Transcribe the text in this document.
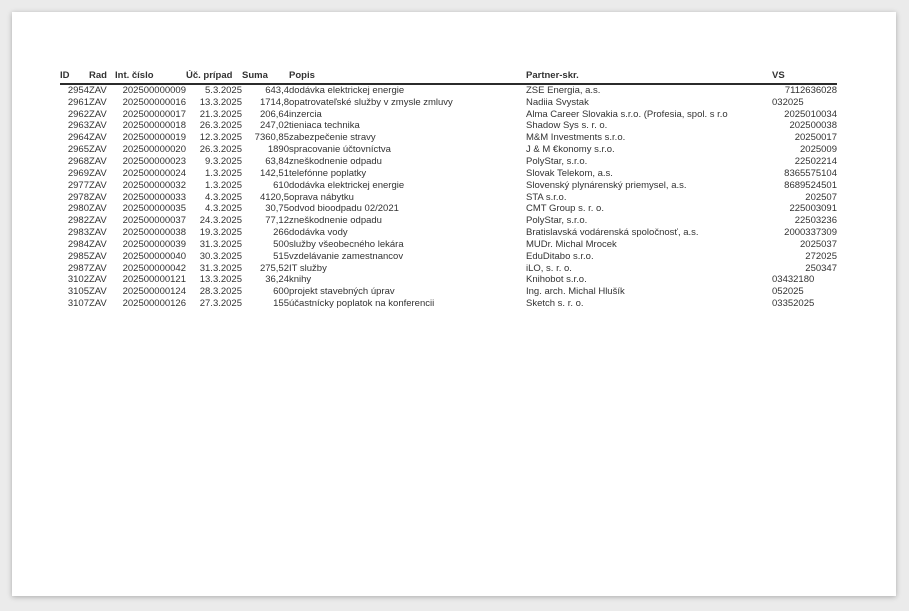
ID	Rad	Int. číslo	Úč. prípad	Suma	Popis	Partner-skr.	VS
2954	ZAV	202500000009	5.3.2025	643,4	dodávka elektrickej energie	ZSE Energia, a.s.	7112636028
2961	ZAV	202500000016	13.3.2025	1714,8	opatrovateľské služby v zmysle zmluvy	Nadiia Svystak	032025
2962	ZAV	202500000017	21.3.2025	206,64	inzercia	Alma Career Slovakia s.r.o. (Profesia, spol. s r.o	2025010034
2963	ZAV	202500000018	26.3.2025	247,02	tieniaca technika	Shadow Sys s. r. o.	202500038
2964	ZAV	202500000019	12.3.2025	7360,85	zabezpečenie stravy	M&M Investments s.r.o.	20250017
2965	ZAV	202500000020	26.3.2025	1890	spracovanie účtovníctva	J & M €konomy s.r.o.	2025009
2968	ZAV	202500000023	9.3.2025	63,84	zneškodnenie odpadu	PolyStar, s.r.o.	22502214
2969	ZAV	202500000024	1.3.2025	142,51	telefónne poplatky	Slovak Telekom, a.s.	8365575104
2977	ZAV	202500000032	1.3.2025	610	dodávka elektrickej energie	Slovenský plynárenský priemysel, a.s.	8689524501
2978	ZAV	202500000033	4.3.2025	4120,5	oprava nábytku	STA s.r.o.	202507
2980	ZAV	202500000035	4.3.2025	30,75	odvod bioodpadu 02/2021	CMT Group s. r. o.	225003091
2982	ZAV	202500000037	24.3.2025	77,12	zneškodnenie odpadu	PolyStar, s.r.o.	22503236
2983	ZAV	202500000038	19.3.2025	266	dodávka vody	Bratislavská vodárenská spoločnosť, a.s.	2000337309
2984	ZAV	202500000039	31.3.2025	500	služby všeobecného lekára	MUDr. Michal Mrocek	2025037
2985	ZAV	202500000040	30.3.2025	515	vzdelávanie zamestnancov	EduDitabo s.r.o.	272025
2987	ZAV	202500000042	31.3.2025	275,52	IT služby	iLO, s. r. o.	250347
3102	ZAV	202500000121	13.3.2025	36,24	knihy	Knihobot s.r.o.	03432180
3105	ZAV	202500000124	28.3.2025	600	projekt stavebných úprav	Ing. arch. Michal Hlušík	052025
3107	ZAV	202500000126	27.3.2025	155	účastnícky poplatok na konferencii	Sketch s. r. o.	03352025
